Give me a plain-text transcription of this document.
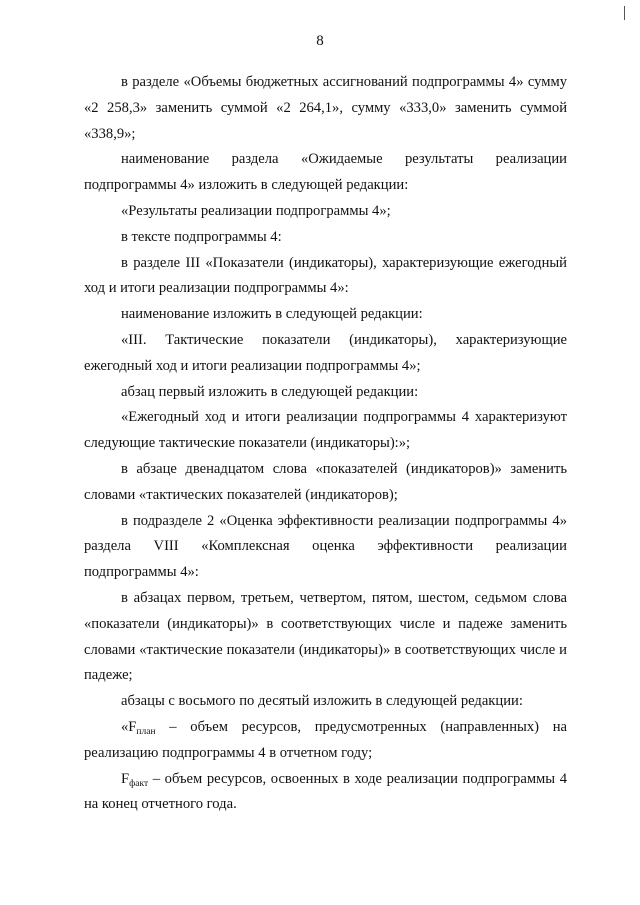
8

в разделе «Объемы бюджетных ассигнований подпрограммы 4» сумму «2 258,3» заменить суммой «2 264,1», сумму «333,0» заменить суммой «338,9»;

наименование раздела «Ожидаемые результаты реализации подпрограммы 4» изложить в следующей редакции:

«Результаты реализации подпрограммы 4»;

в тексте подпрограммы 4:

в разделе III «Показатели (индикаторы), характеризующие ежегодный ход и итоги реализации подпрограммы 4»:

наименование изложить в следующей редакции:

«III. Тактические показатели (индикаторы), характеризующие ежегодный ход и итоги реализации подпрограммы 4»;

абзац первый изложить в следующей редакции:

«Ежегодный ход и итоги реализации подпрограммы 4 характеризуют следующие тактические показатели (индикаторы):»;

в абзаце двенадцатом слова «показателей (индикаторов)» заменить словами «тактических показателей (индикаторов);

в подразделе 2 «Оценка эффективности реализации подпрограммы 4» раздела VIII «Комплексная оценка эффективности реализации подпрограммы 4»:

в абзацах первом, третьем, четвертом, пятом, шестом, седьмом слова «показатели (индикаторы)» в соответствующих числе и падеже заменить словами «тактические показатели (индикаторы)» в соответствующих числе и падеже;

абзацы с восьмого по десятый изложить в следующей редакции:

«$F_{план}$ – объем ресурсов, предусмотренных (направленных) на реализацию подпрограммы 4 в отчетном году;

$F_{факт}$ – объем ресурсов, освоенных в ходе реализации подпрограммы 4 на конец отчетного года.
